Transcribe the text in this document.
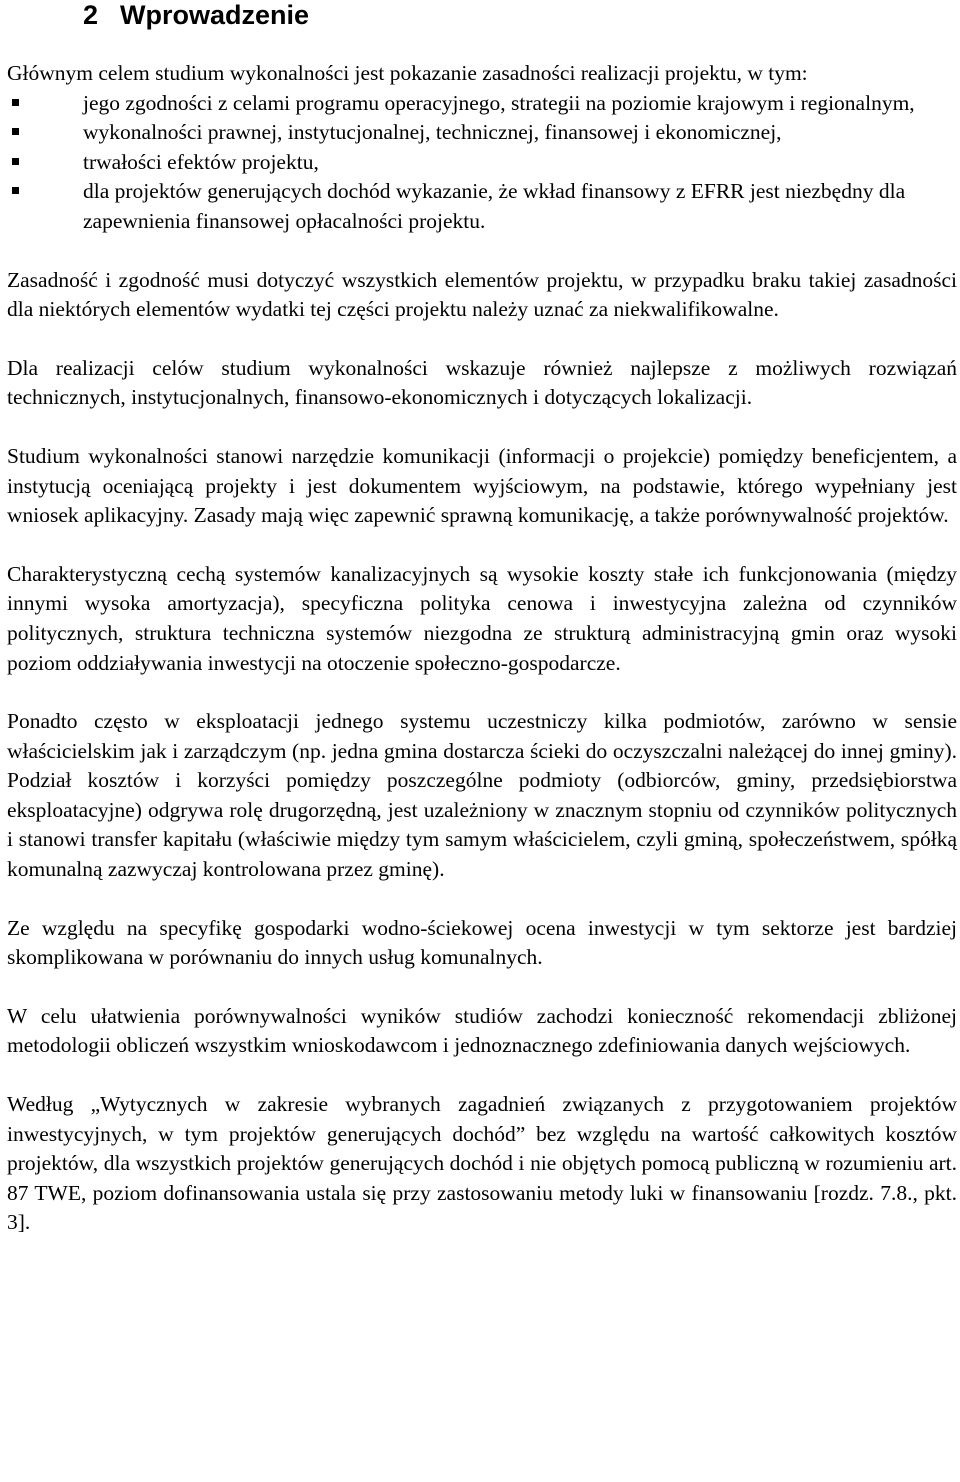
2 Wprowadzenie

Głównym celem studium wykonalności jest pokazanie zasadności realizacji projektu, w tym:

jego zgodności z celami programu operacyjnego, strategii na poziomie krajowym i regionalnym,
wykonalności prawnej, instytucjonalnej, technicznej, finansowej i ekonomicznej,
trwałości efektów projektu,
dla projektów generujących dochód wykazanie, że wkład finansowy z EFRR jest niezbędny dla zapewnienia finansowej opłacalności projektu.

Zasadność i zgodność musi dotyczyć wszystkich elementów projektu, w przypadku braku takiej zasadności dla niektórych elementów wydatki tej części projektu należy uznać za niekwalifikowalne.

Dla realizacji celów studium wykonalności wskazuje również najlepsze z możliwych rozwiązań technicznych, instytucjonalnych, finansowo-ekonomicznych i dotyczących lokalizacji.

Studium wykonalności stanowi narzędzie komunikacji (informacji o projekcie) pomiędzy beneficjentem, a instytucją oceniającą projekty i jest dokumentem wyjściowym, na podstawie, którego wypełniany jest wniosek aplikacyjny. Zasady mają więc zapewnić sprawną komunikację, a także porównywalność projektów.

Charakterystyczną cechą systemów kanalizacyjnych są wysokie koszty stałe ich funkcjonowania (między innymi wysoka amortyzacja), specyficzna polityka cenowa i inwestycyjna zależna od czynników politycznych, struktura techniczna systemów niezgodna ze strukturą administracyjną gmin oraz wysoki poziom oddziaływania inwestycji na otoczenie społeczno-gospodarcze.

Ponadto często w eksploatacji jednego systemu uczestniczy kilka podmiotów, zarówno w sensie właścicielskim jak i zarządczym (np. jedna gmina dostarcza ścieki do oczyszczalni należącej do innej gminy). Podział kosztów i korzyści pomiędzy poszczególne podmioty (odbiorców, gminy, przedsiębiorstwa eksploatacyjne) odgrywa rolę drugorzędną, jest uzależniony w znacznym stopniu od czynników politycznych i stanowi transfer kapitału (właściwie między tym samym właścicielem, czyli gminą, społeczeństwem, spółką komunalną zazwyczaj kontrolowana przez gminę).

Ze względu na specyfikę gospodarki wodno-ściekowej ocena inwestycji w tym sektorze jest bardziej skomplikowana w porównaniu do innych usług komunalnych.

W celu ułatwienia porównywalności wyników studiów zachodzi konieczność rekomendacji zbliżonej metodologii obliczeń wszystkim wnioskodawcom i jednoznacznego zdefiniowania danych wejściowych.

Według „Wytycznych w zakresie wybranych zagadnień związanych z przygotowaniem projektów inwestycyjnych, w tym projektów generujących dochód” bez względu na wartość całkowitych kosztów projektów, dla wszystkich projektów generujących dochód i nie objętych pomocą publiczną w rozumieniu art. 87 TWE, poziom dofinansowania ustala się przy zastosowaniu metody luki w finansowaniu [rozdz. 7.8., pkt. 3].
